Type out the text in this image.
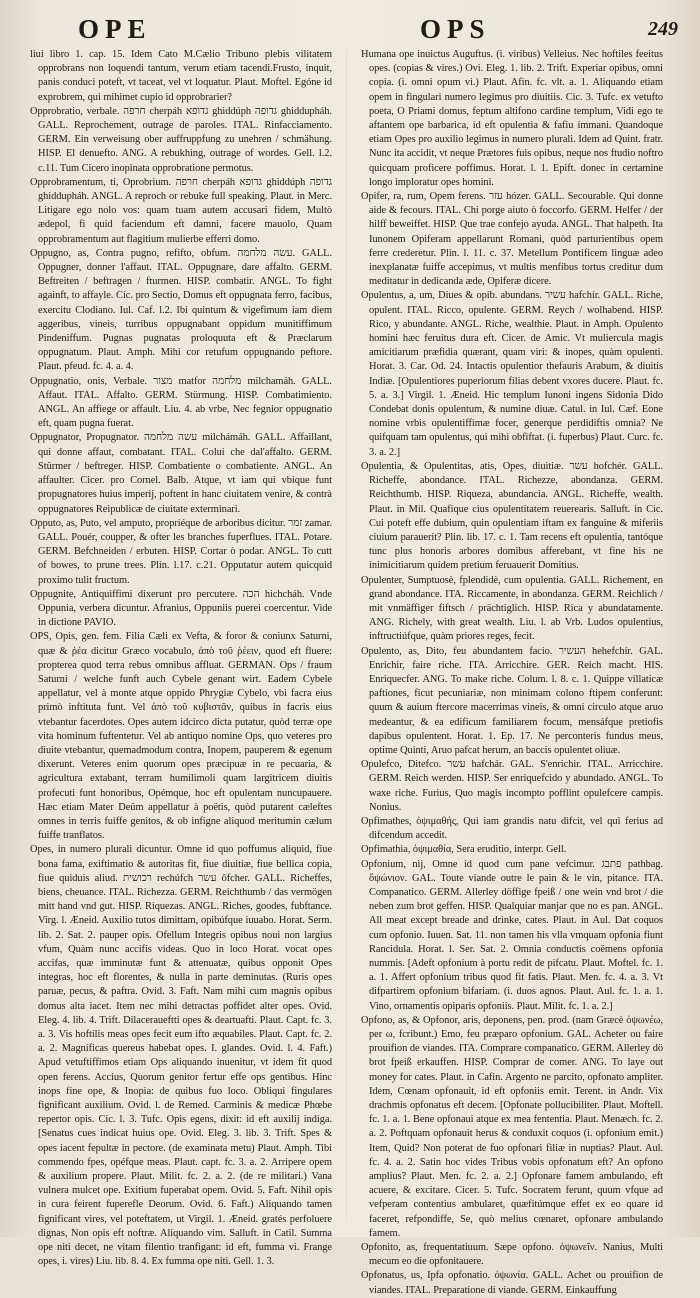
OPE	OPS	249

liui libro 1. cap. 15. Idem Cato M.Cælio Tribuno plebis vilitatem opprobrans non loquendi tantum, verum etiam tacendi.Frusto, inquit, panis conduci poteft, vt taceat, vel vt loquatur. Plaut. Moftel. Egóne id exprobrem, qui mihimet cupio id opprobrarier?

Opprobratio, verbale. חרפה cherpáh גדופא ghiddúph גדופה ghiddupháh. GALL. Reprochement, outrage de paroles. ITAL. Rinfacciamento. GERM. Ein verweisung ober auffruppfung zu unehren / schmähung. HISP. El denuefto. ANG. A rebukhing, outrage of wordes. Gell. l.2. c.11. Tum Cicero inopinata opprobratione permotus.

Opprobramentum, ti, Oprobrium. חרפה cherpáh גדופא ghiddúph גדופה ghiddupháh. ANGL. A reproch or rebuke full speaking. Plaut. in Merc. Litigare ego nolo vos: quam tuam autem accusari fidem, Multò ædepol, fi quid faciendum eft damni, facere mauolo, Quam opprobramentum aut flagitium mulierbe efferri domo.

Oppugno, as, Contra pugno, refifto, obfum. עשה מלחמה. GALL. Oppugner, donner l'affaut. ITAL. Oppugnare, dare affalto. GERM. Beftreiten / beftragen / fturmen. HISP. combatir. ANGL. To fight againft, to affayle. Cic. pro Sectio, Domus eft oppugnata ferro, facibus, exercitu Clodiano. Iul. Caf. l.2. Ibi quintum & vigefimum iam diem aggeribus, vineis, turribus oppugnabant oppidum munitiffimum Pindeniffum. Pugnas pugnatas proloquuta eft & Præclarum oppugnatum. Plaut. Amph. Mihi cor retufum oppugnando peftore. Plaut. pfeud. fc. 4. a. 4.

Oppugnatio, onis, Verbale. מצור matfor מלחמה milchamáh. GALL. Affaut. ITAL. Affalto. GERM. Stürmung. HISP. Combatimiento. ANGL. An affiege or affault. Liu. 4. ab vrbe, Nec fegnior oppugnatio eft, quam pugna fuerat.

Oppugnator, Propugnator. עשה מלחמה milchámáh. GALL. Affaillant, qui donne affaut, combatant. ITAL. Colui che dal'affalto. GERM. Stürmer / beftreger. HISP. Combatiente o combatiente. ANGL. An affaulter. Cicer. pro Cornel. Balb. Atque, vt iam qui vbique funt propugnatores huius imperij, poftent in hanc ciuitatem venire, & contrà oppugnatores Reipublicæ de ciuitate exterminari.

Opputo, as, Puto, vel amputo, propriéque de arboribus dicitur. זמר zamar. GALL. Pouér, coupper, & ofter les branches fuperflues. ITAL. Potare. GERM. Befchneiden / erbuten. HISP. Cortar ò podar. ANGL. To cutt of bowes, to prune trees. Plin. l.17. c.21. Opputatur autem quicquid proximo tulit fructum.

Oppugnite, Antiquiffimi dixerunt pro percutere. הכה hichcháh. Vnde Oppunia, verbera dicuntur. Afranius, Oppuniis puerei coercentur. Vide in dictione PAVIO.

OPS, Opis, gen. fem. Filia Cæli ex Vefta, & foror & coniunx Saturni, quæ & ῥέα dicitur Græco vocabulo, ἀπὸ τοῦ ῥέειν, quod eft fluere: propterea quod terra rebus omnibus affluat. GERMAN. Ops / fraum Saturni / welche funft auch Cybele genant wirt. Eadem Cybele appellatur, vel à monte atque oppido Phrygiæ Cybelo, vbi facra eius primò inftituta funt. Vel ἀπὸ τοῦ κυβιστᾶν, quibus in facris eius vtebantur facerdotes. Opes autem idcirco dicta putatur, quòd terræ ope vita hominum fuftentetur. Vel ab antiquo nomine Ops, quo veteres pro diuite vtebantur, quemadmodum contra, Inopem, pauperem & egenum dixerunt. Veteres enim quorum opes præcipuæ in re pecuaria, & agricultura extabant, terram humilimoli quam largitricem diuitis profecuti funt honoribus, Opémque, hoc eft opulentam nuncupauere. Hæc etiam Mater Deûm appellatur à poëtis, quòd putarent cæleftes omnes in terris fuiffe genitos, & ob infigne aliquod meritumin cælum fuiffe tranflatos.

Opes, in numero plurali dicuntur. Omne id quo poffumus aliquid, fiue bona fama, exiftimatio & autoritas fit, fiue diuitiæ, fiue bellica copia, fiue quiduis aliud. רכושית rechúfch עשר ôfcher. GALL. Richeffes, biens, cheuance. ITAL. Richezza. GERM. Reichthumb / das vermögen mitt hand vnd gut. HISP. Riquezas. ANGL. Riches, goodes, fubftance. Virg. l. Æneid. Auxilio tutos dimittam, opibúfque iuuabo. Horat. Serm. lib. 2. Sat. 2. pauper opis. Ofellum Integris opibus noui non largius vfum, Quàm nunc accifis videas. Quo in loco Horat. vocat opes accifas, quæ imminutæ funt & attenuatæ, quibus opponit Opes integras, hoc eft florentes, & nulla in parte deminutas. (Ruris opes paruæ, pecus, & paftra. Ovid. 3. Faft. Nam mihi cum magnis opibus domus alta iacet. Item nec mihi detractas poffidet alter opes. Ovid. Eleg. 4. lib. 4. Trift. Dilaceraueftti opes & deartuafti. Plaut. Capt. fc. 3. a. 3. Vis hoftilis meas opes fecit eum ifto æquabiles. Plaut. Capt. fc. 2. a. 2. Magnificas quereus habebat opes. I. glandes. Ovid. l. 4. Faft.) Apud vetuftiffimos etiam Ops aliquando inuenitur, vt idem fit quod open ferens. Accius, Quorum genitor fertur effe ops gentibus. Hinc inops fine ope, & Inopia: de quibus fuo loco. Obliqui fingulares fignificant auxilium. Ovid. l. de Remed. Carminis & medicæ Phœbe repertor opis. Cic. l. 3. Tufc. Opis egens, dixit: id eft auxilij indiga. [Senatus cues indicat huius ope. Ovid. Eleg. 3. lib. 3. Trift. Spes & opes iacent fepultæ in pectore. (de examinata metu) Plaut. Amph. Tibi commendo fpes, opéfque meas. Plaut. capt. fc. 3. a. 2. Arripere opem & auxilium propere. Plaut. Milit. fc. 2. a. 2. (de re militari.) Vana vulnera mulcet ope. Exitium fuperabat opem. Ovid. 5. Faft. Nihil opis in cura feirent fuperefle Deorum. Ovid. 6. Faft.) Aliquando tamen fignificant vires, vel poteftatem, ut Virgil. 1. Æneid. gratés perfoluere dignas, Non opis eft noftræ. Aliquando vim. Salluft. in Catil. Summa ope niti decet, ne vitam filentio tranfigant: id eft, fumma vi. Frange opes, i. vires) Liu. lib. 8. 4. Ex fumma ope niti. Gell. 1. 3.

Humana ope inuictus Auguftus. (i. viribus) Velleius. Nec hoftiles feeitus opes. (copias & vires.) Ovi. Eleg. 1. lib. 2. Trift. Experiar opibus, omni copia. (i. omni opum vi.) Plaut. Afin. fc. vlt. a. 1. Aliquando etiam opem in fingulari numero legimus pro diuitiis. Cic. 3. Tufc. ex vetufto poeta, O Priami domus, feptum altifono cardine templum, Vidi ego te aftantem ope barbarica, id eft opulentia & fafiu immani. Quandoque etiam Opes pro auxilio legimus in numero plurali. Idem ad Quint. fratr. Nunc ita accidit, vt neque Prætores fuis opibus, neque nos ftudio noftro quicquam proficere poffimus. Horat. l. 1. Epift. donec in certamine longo imploratur opes homini.

Opifer, ra, rum, Opem ferens. עזר hózer. GALL. Secourable. Qui donne aide & fecours. ITAL. Chi porge aiuto ò foccorfo. GERM. Helfer / der hilff beweiffet. HISP. Que trae confejo ayuda. ANGL. That halpeth. Ita Iunonem Opiferam appellarunt Romani, quòd parturientibus opem ferre crederetur. Plin. l. 11. c. 37. Metellum Pontificem linguæ adeo inexplanatæ fuiffe accepimus, vt multis menfibus tortus creditur dum meditatur in dedicanda æde, Opiferæ dicere.

Opulentus, a, um, Diues & opib. abundans. עשיר hafchír. GALL. Riche, opulent. ITAL. Ricco, opulente. GERM. Reych / wolhabend. HISP. Rico, y abundante. ANGL. Riche, wealthie. Plaut. in Amph. Opulento homini hæc feruitus dura eft. Cicer. de Amic. Vt muliercula magis amicitiarum præfidia quærant, quam viri: & inopes, quàm opulenti. Horat. 3. Car. Od. 24. Intactis opulentior thefauris Arabum, & diuitis Indiæ. [Opulentiores puperiorum filias debent vxores ducere. Plaut. fc. 5. a. 3.] Virgil. 1. Æneid. Hic templum Iunoni ingens Sidonia Dido Condebat donis opulentum, & numine diuæ. Catul. in Iul. Cæf. Eone nomine vrbis opulentiffimæ focer, generque perdidiftis omnia? Ne quifquam tam opulentus, qui mihi obfiftat. (i. fuperbus) Plaut. Curc. fc. 3. a. 2.]

Opulentia, & Opulentitas, atis, Opes, diuitiæ. עשר hofchér. GALL. Richeffe, abondance. ITAL. Richezze, abondanza. GERM. Reichthumb. HISP. Riqueza, abundancia. ANGL. Richeffe, wealth. Plaut. in Mil. Quafique cius opulentitatem reuerearis. Salluft. in Cic. Cui poteft effe dubium, quin opulentiam iftam ex fanguine & miferiis ciuium parauerit? Plin. lib. 17. c. 1. Tam recens eft opulentia, tantóque tunc plus honoris arbores domibus afferebant, vt fine his ne inimicitiarum quidem pretium feruauerit Domitius.

Opulenter, Sumptuosè, fplendidè, cum opulentia. GALL. Richement, en grand abondance. ITA. Riccamente, in abondanza. GERM. Reichlich / mit vnmäffiger fiftsch / prächtiglich. HISP. Rica y abundatamente. ANG. Richely, with great wealth. Liu. l. ab Vrb. Ludos opulentius, inftructiúfque, quàm priores reges, fecit.

Opulento, as, Dito, feu abundantem facio. העשיר hehefchír. GAL. Enrichir, faire riche. ITA. Arricchire. GER. Reich macht. HIS. Enriquecfer. ANG. To make riche. Colum. l. 8. c. 1. Quippe villaticæ paftiones, ficut pecuniariæ, non minimam colono ftipem conferunt: quum & auium ftercore macerrimas vineis, & omni circulo atque aruo medeantur, & ea edificum familiarem focum, mensáfque pretiofis dapibus opulentent. Horat. 1. Ep. 17. Ne perconteris fundus meus, optime Quinti, Aruo pafcat herum, an baccis opulentet oliuæ.

Opulefco, Ditefco. עשר hafchár. GAL. S'enrichir. ITAL. Arricchire. GERM. Reich werden. HISP. Ser enriquefcido y abundado. ANGL. To waxe riche. Furius, Quo magis incompto pofflint opulefcere campis. Nonius.

Opfimathes, ὀψιμαθής, Qui iam grandis natu difcit, vel qui ferius ad difcendum accedit.

Opfimathia, ὀψιμαθία, Sera eruditio, interpr. Gell.

Opfonium, nij, Omne id quod cum pane vefcimur. פתבג pathbag. ὄψώνιον. GAL. Toute viande outre le pain & le vin, pitance. ITA. Companatico. GERM. Allerley döffige fpeiß / one wein vnd brot / die neben zum brot geffen. HISP. Qualquiar manjar que no es pan. ANGL. All meat except breade and drinke, cates. Plaut. in Aul. Dat coquos cum opfonio. Iuuen. Sat. 11. non tamen his vlla vmquam opfonia fiunt Rancidula. Horat. l. Ser. Sat. 2. Omnia conductis coëmens opfonia nummis. [Adeft opfonium à portu redit de pifcatu. Plaut. Moftel. fc. 1. a. 1. Affert opfonium tribus quod fit fatis. Plaut. Men. fc. 4. a. 3. Vt difpartirem opfonium bifariam. (i. duos agnos. Plaut. Aul. fc. 1. a. 1. Vino, ornamentis opiparis opfoniis. Plaut. Milit. fc. 1. a. 2.]

Opfono, as, & Opfonor, aris, deponens, pen. prod. (nam Græcè ὀψωνέω, per ω, fcribunt.) Emo, feu præparo opfonium. GAL. Acheter ou faire prouifion de viandes. ITA. Comprare companatico. GERM. Allerley dö brot fpeiß erkauffen. HISP. Comprar de comer. ANG. To laye out money for cates. Plaut. in Cafin. Argento ne parcito, opfonato ampliter. Idem, Cœnam opfonauit, id eft opfoniis emit. Terent. in Andr. Vix drachmis opfonatus eft decem. [Opfonate pollucibiliter. Plaut. Moftell. fc. 1. a. 1. Bene opfonaui atque ex mea fententia. Plaut. Menæch. fc. 2. a. 2. Poftquam opfonauit herus & conduxit coquos (i. opfonium emit.) Item, Quid? Non poterat de fuo opfonari filiæ in nuptias? Plaut. Aul. fc. 4. a. 2. Satin hoc vides Tribus vobis opfonatum eft? An opfono amplius? Plaut. Men. fc. 2. a. 2.] Opfonare famem ambulando, eft acuere, & excitare. Cicer. 5. Tufc. Socratem ferunt, quum vfque ad vefperam contentius ambularet, quæfitúmque effet ex eo quare id faceret, refpondiffe, Se, quò melius cœnaret, opfonare ambulando famem.

Opfonito, as, frequentatiuum. Sæpe opfono. ὀψωνεῖν. Nanius, Multi mecum eo die opfonitauere.

Opfonatus, us, Ipfa opfonatio. ὀψωνία. GALL. Achet ou prouifion de viandes. ITAL. Preparatione di viande. GERM. Einkauffung
